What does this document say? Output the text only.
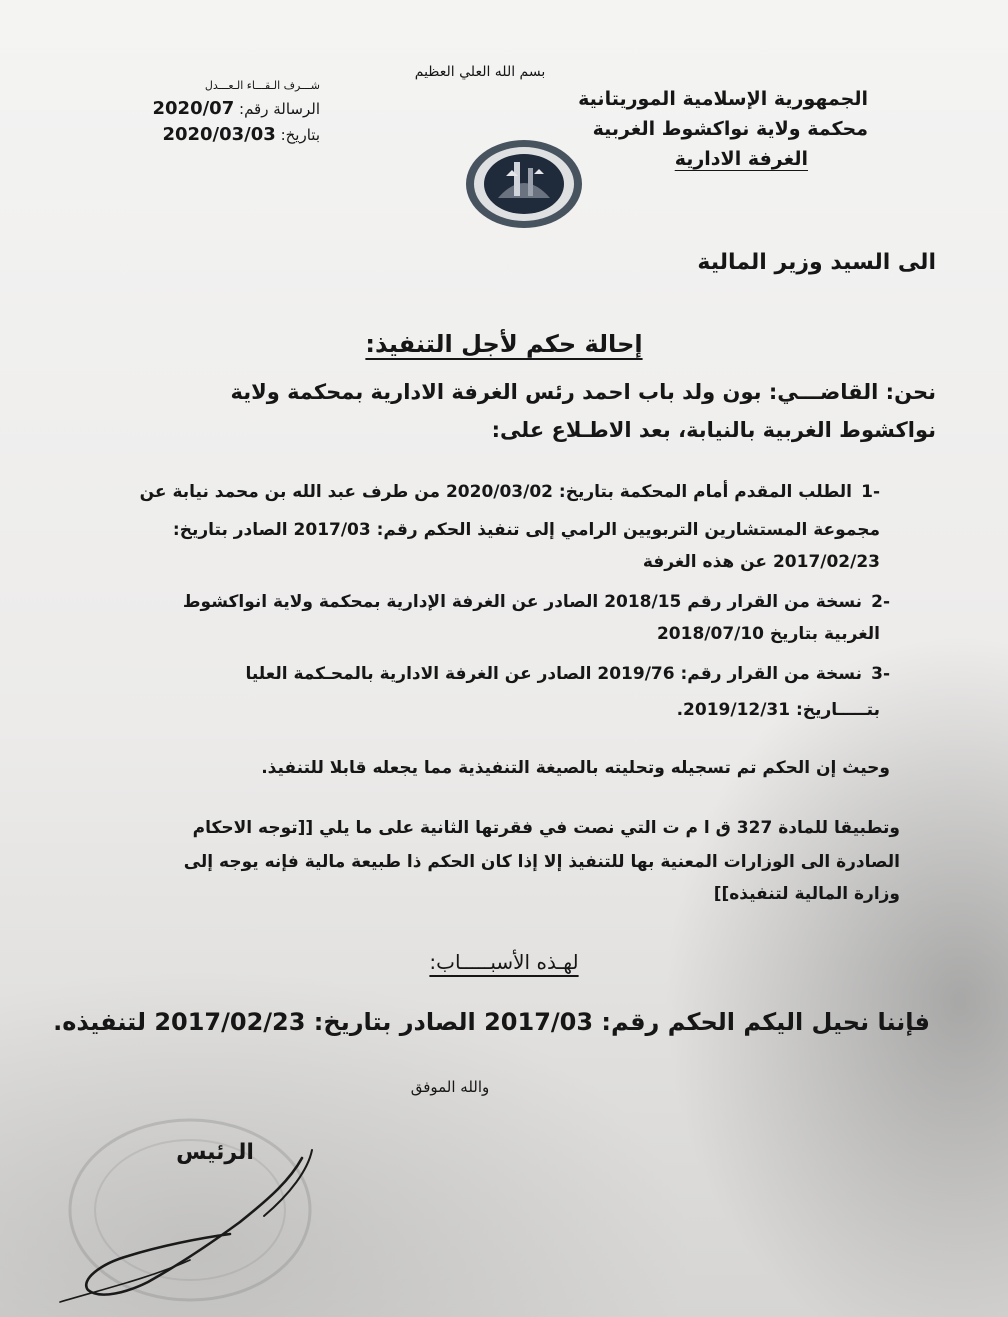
بسم الله العلي العظيم
الجمهورية الإسلامية الموريتانية
محكمة ولاية نواكشوط الغربية
الغرفة الادارية
شـــرف الـقـــاء الـعـــدل
الرسالة رقم: 2020/07
بتاريخ: 2020/03/03
الى السيد وزير المالية
إحالة حكم لأجل التنفيذ:
نحن: القاضـــي: بون ولد باب احمد رئس الغرفة الادارية بمحكمة ولاية
نواكشوط الغربية بالنيابة، بعد الاطـلاع على:
-1الطلب المقدم أمام المحكمة بتاريخ: 2020/03/02 من طرف عبد الله بن محمد نيابة عن
مجموعة المستشارين التربويين الرامي إلى تنفيذ الحكم رقم: 2017/03 الصادر بتاريخ:
2017/02/23 عن هذه الغرفة
-2نسخة من القرار رقم 2018/15 الصادر عن الغرفة الإدارية بمحكمة ولاية انواكشوط
الغربية بتاريخ 2018/07/10
-3نسخة من القرار رقم: 2019/76 الصادر عن الغرفة الادارية بالمحـكمة العليا
بتـــــاريخ: 2019/12/31.
وحيث إن الحكم تم تسجيله وتحليته بالصيغة التنفيذية مما يجعله قابلا للتنفيذ.
وتطبيقا للمادة 327 ق ا م ت التي نصت في فقرتها الثانية على ما يلي [[توجه الاحكام
الصادرة الى الوزارات المعنية بها للتنفيذ إلا إذا كان الحكم ذا طبيعة مالية فإنه يوجه إلى
وزارة المالية لتنفيذه]]
لهـذه الأسبـــــاب:
فإننا نحيل اليكم الحكم رقم: 2017/03 الصادر بتاريخ: 2017/02/23 لتنفيذه.
والله الموفق
الرئيس
